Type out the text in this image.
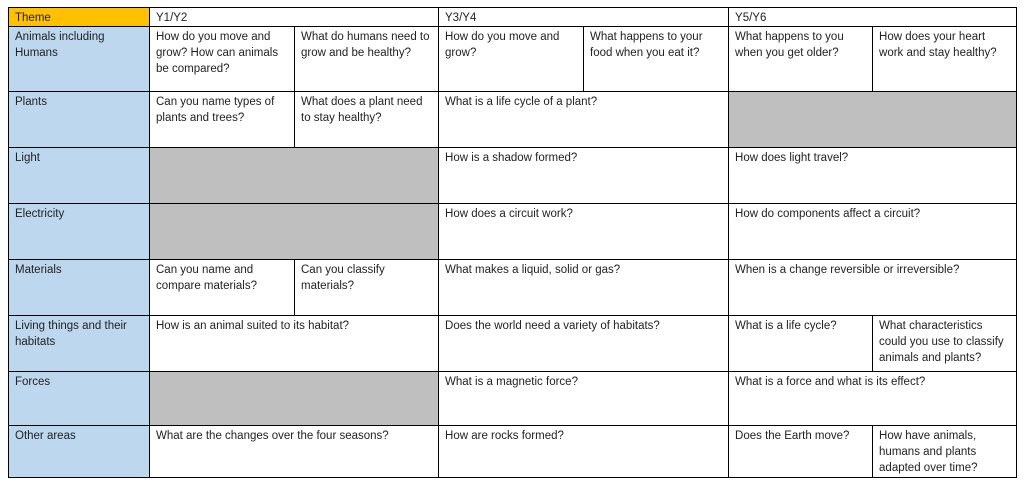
Theme	Y1/Y2		Y3/Y4		Y5/Y6	
Animals including Humans	How do you move and grow? How can animals be compared?	What do humans need to grow and be healthy?	How do you move and grow?	What happens to your food when you eat it?	What happens to you when you get older?	How does your heart work and stay healthy?
Plants	Can you name types of plants and trees?	What does a plant need to stay healthy?	What is a life cycle of a plant?			
Light			How is a shadow formed?		How does light travel?	
Electricity			How does a circuit work?		How do components affect a circuit?	
Materials	Can you name and compare materials?	Can you classify materials?	What makes a liquid, solid or gas?		When is a change reversible or irreversible?	
Living things and their habitats	How is an animal suited to its habitat?		Does the world need a variety of habitats?		What is a life cycle?	What characteristics could you use to classify animals and plants?
Forces			What is a magnetic force?		What is a force and what is its effect?	
Other areas	What are the changes over the four seasons?		How are rocks formed?		Does the Earth move?	How have animals, humans and plants adapted over time?
